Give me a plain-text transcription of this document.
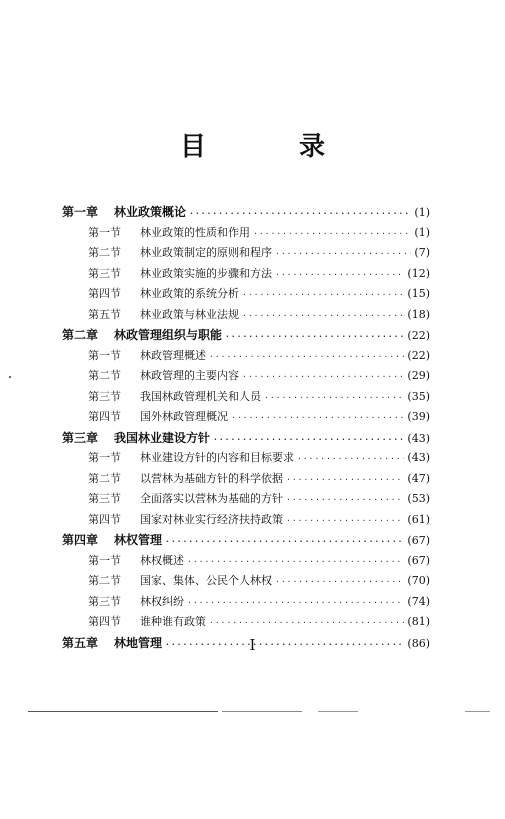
目 录
第一章	林业政策概论 ·····	(1)
第一节	林业政策的性质和作用 ·····	(1)
第二节	林业政策制定的原则和程序 ·····	(7)
第三节	林业政策实施的步骤和方法 ·····	(12)
第四节	林业政策的系统分析 ·····	(15)
第五节	林业政策与林业法规 ·····	(18)
第二章	林政管理组织与职能 ·····	(22)
第一节	林政管理概述 ·····	(22)
第二节	林政管理的主要内容 ·····	(29)
第三节	我国林政管理机关和人员 ·····	(35)
第四节	国外林政管理概况 ·····	(39)
第三章	我国林业建设方针 ·····	(43)
第一节	林业建设方针的内容和目标要求 ·····	(43)
第二节	以营林为基础方针的科学依据 ·····	(47)
第三节	全面落实以营林为基础的方针 ·····	(53)
第四节	国家对林业实行经济扶持政策 ·····	(61)
第四章	林权管理 ·····	(67)
第一节	林权概述 ·····	(67)
第二节	国家、集体、公民个人林权 ·····	(70)
第三节	林权纠纷 ·····	(74)
第四节	谁种谁有政策 ·····	(81)
第五章	林地管理 ·····	(86)
I
